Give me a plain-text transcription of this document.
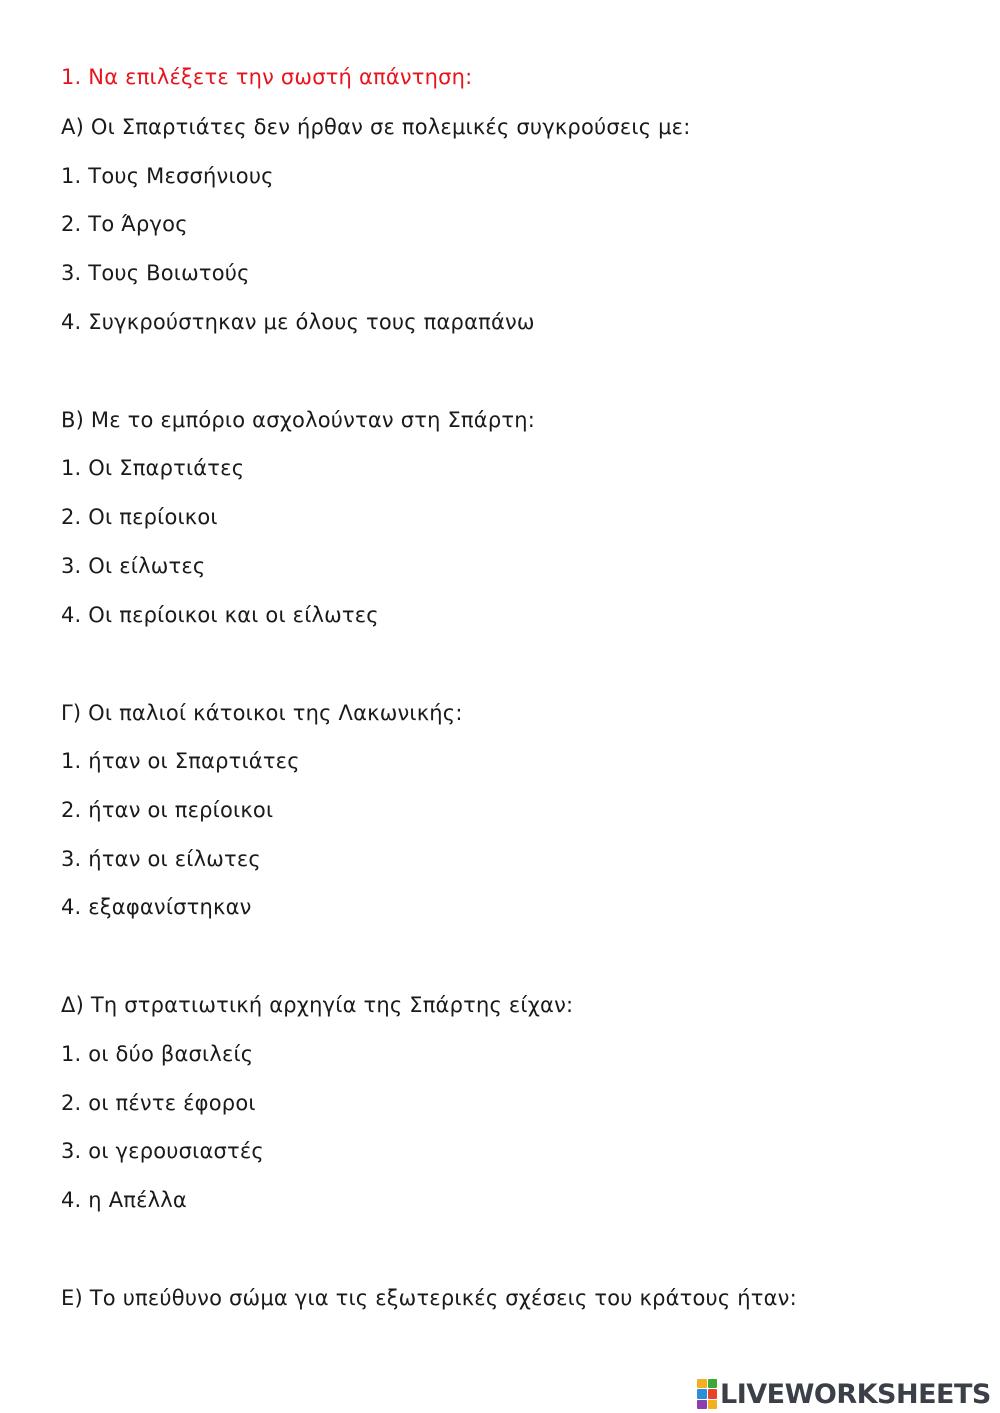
1. Να επιλέξετε την σωστή απάντηση:
Α) Οι Σπαρτιάτες δεν ήρθαν σε πολεμικές συγκρούσεις με:
1. Τους Μεσσήνιους
2. Το Άργος
3. Τους Βοιωτούς
4. Συγκρούστηκαν με όλους τους παραπάνω
Β) Με το εμπόριο ασχολούνταν στη Σπάρτη:
1. Οι Σπαρτιάτες
2. Οι περίοικοι
3. Οι είλωτες
4. Οι περίοικοι και οι είλωτες
Γ) Οι παλιοί κάτοικοι της Λακωνικής:
1. ήταν οι Σπαρτιάτες
2. ήταν οι περίοικοι
3. ήταν οι είλωτες
4. εξαφανίστηκαν
Δ) Τη στρατιωτική αρχηγία της Σπάρτης είχαν:
1. οι δύο βασιλείς
2. οι πέντε έφοροι
3. οι γερουσιαστές
4. η Απέλλα
Ε) Το υπεύθυνο σώμα για τις εξωτερικές σχέσεις του κράτους ήταν:
LIVEWORKSHEETS
